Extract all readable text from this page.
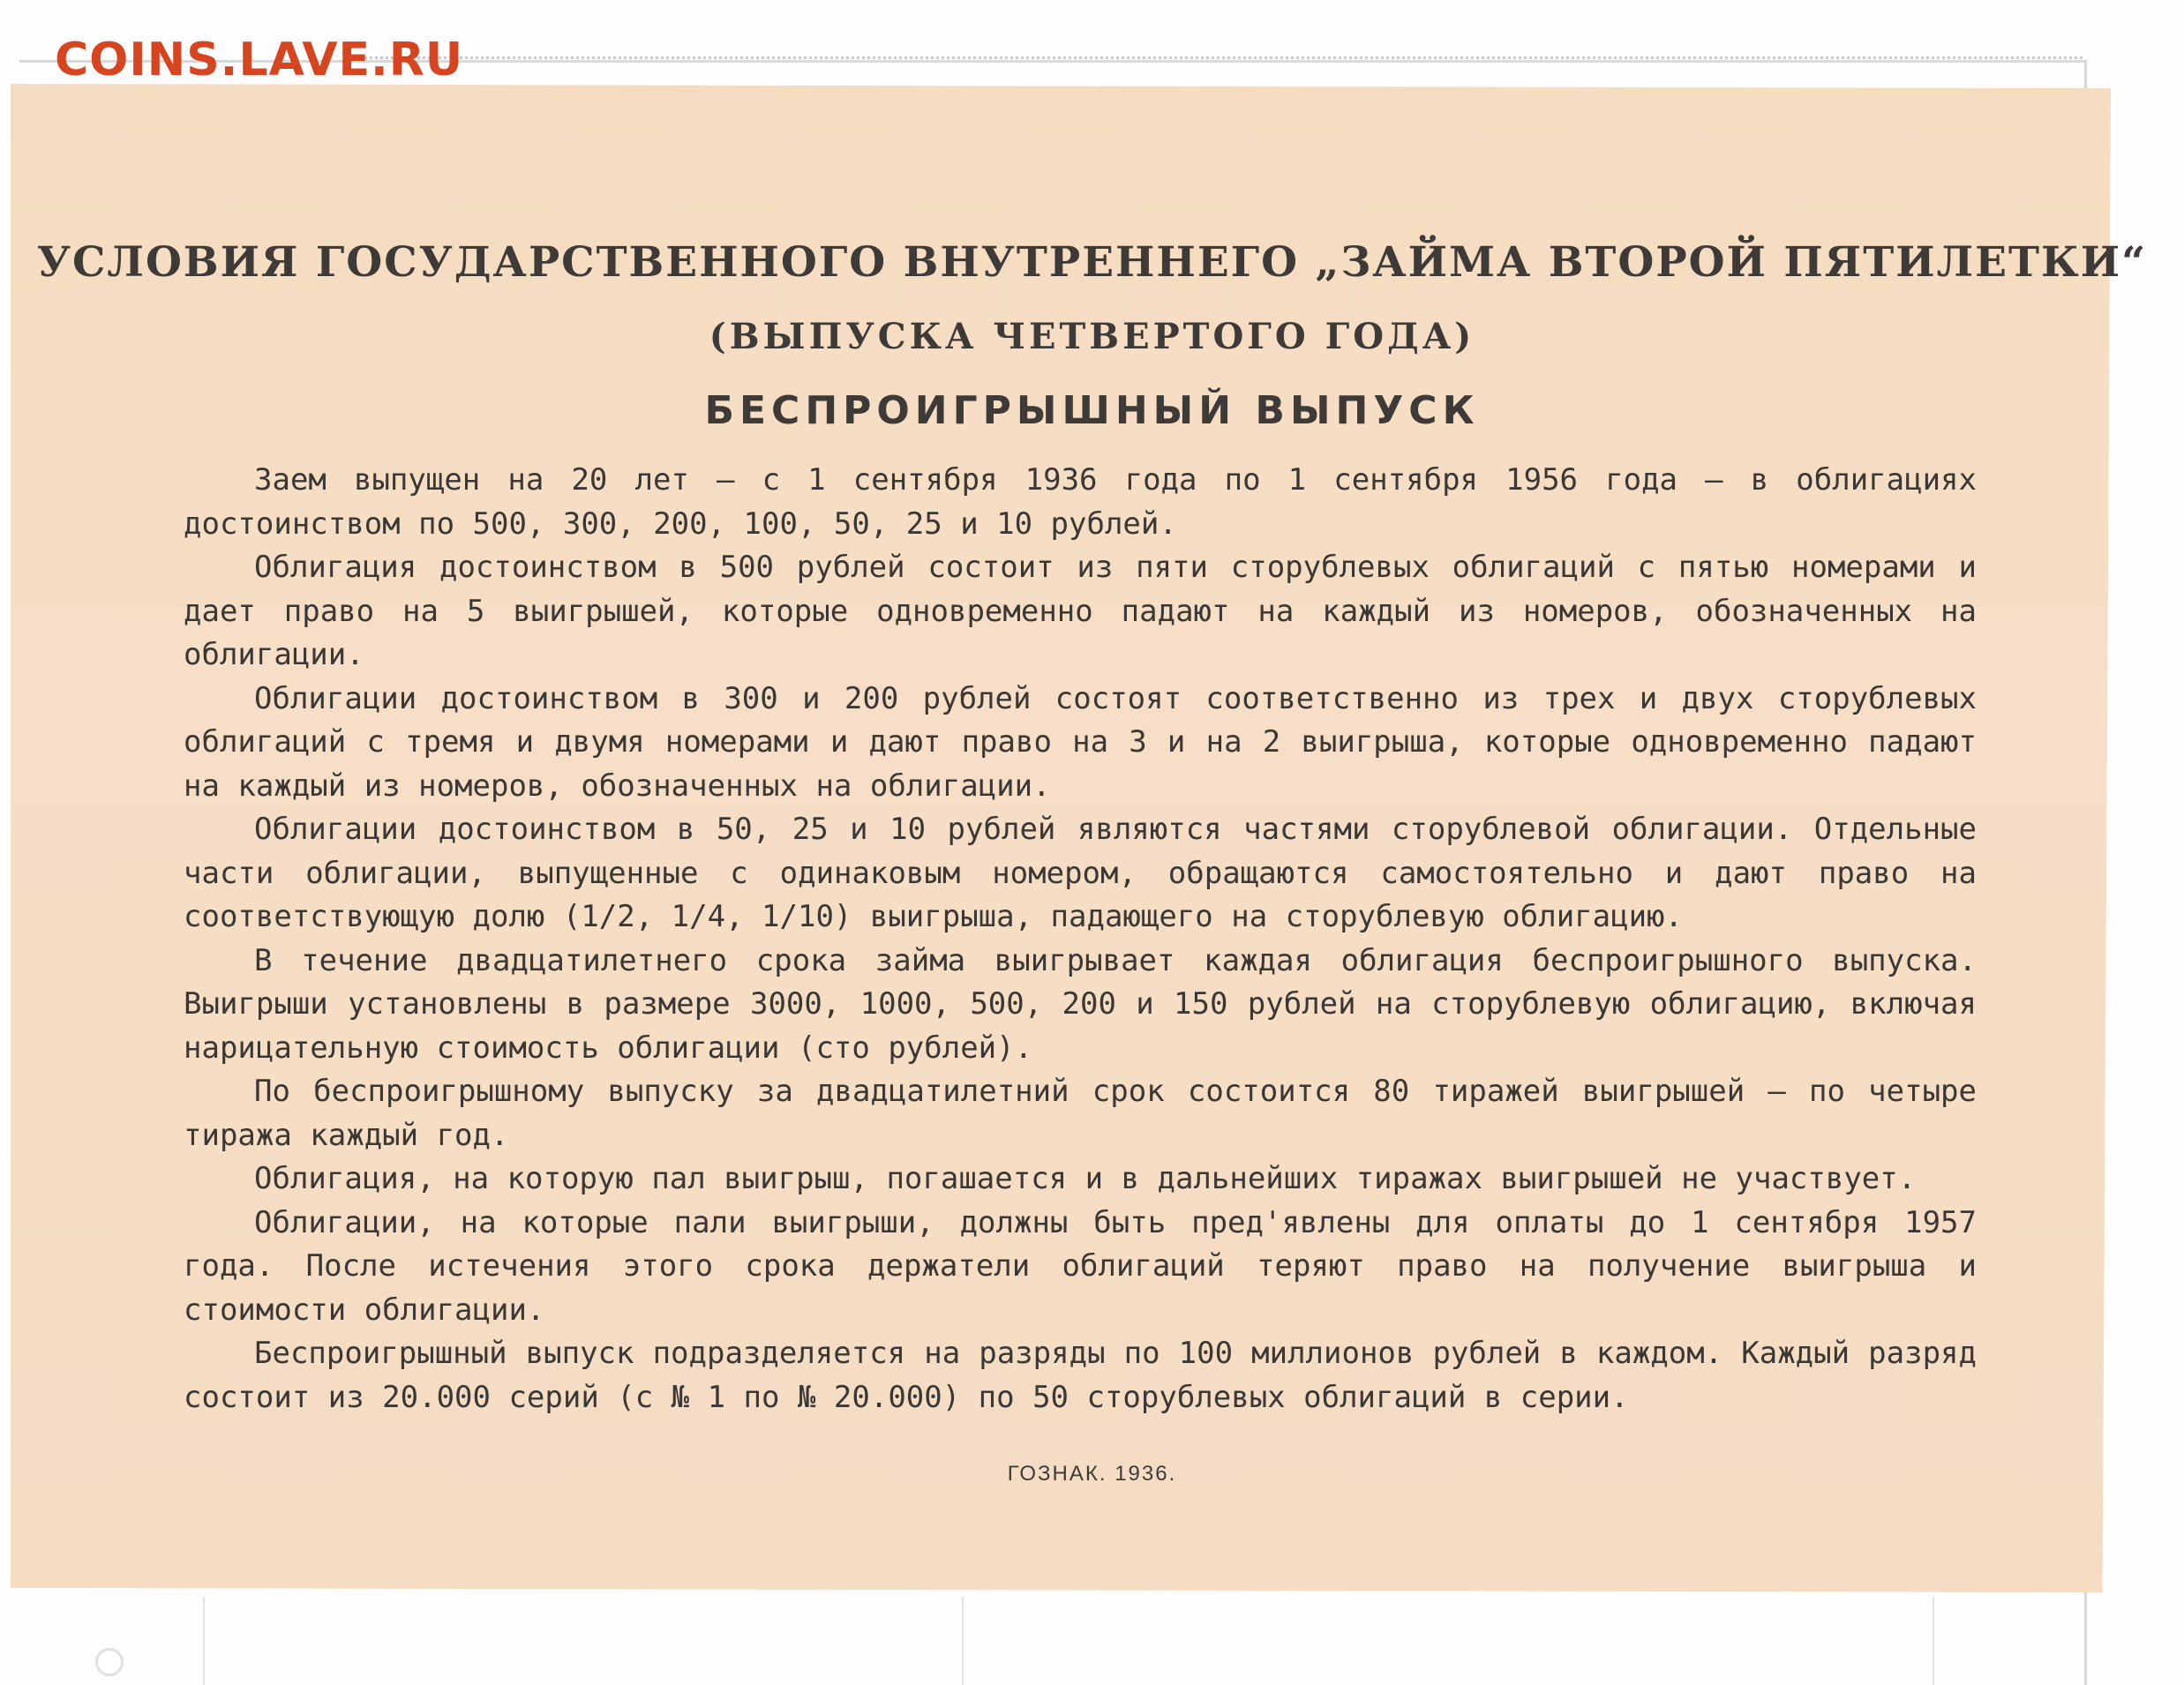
COINS.LAVE.RU
УСЛОВИЯ ГОСУДАРСТВЕННОГО ВНУТРЕННЕГО „ЗАЙМА ВТОРОЙ ПЯТИЛЕТКИ“
(ВЫПУСКА ЧЕТВЕРТОГО ГОДА)
БЕСПРОИГРЫШНЫЙ ВЫПУСК

Заем выпущен на 20 лет — с 1 сентября 1936 года по 1 сентября 1956 года — в облигациях достоинством по 500, 300, 200, 100, 50, 25 и 10 рублей.

Облигация достоинством в 500 рублей состоит из пяти сторублевых облигаций с пятью номерами и дает право на 5 выигрышей, которые одновременно падают на каждый из номеров, обозначенных на облигации.

Облигации достоинством в 300 и 200 рублей состоят соответственно из трех и двух сторублевых облигаций с тремя и двумя номерами и дают право на 3 и на 2 выигрыша, которые одновременно падают на каждый из номеров, обозначенных на облигации.

Облигации достоинством в 50, 25 и 10 рублей являются частями сторублевой облигации. Отдельные части облигации, выпущенные с одинаковым номером, обращаются самостоятельно и дают право на соответствующую долю (1/2, 1/4, 1/10) выигрыша, падающего на сторублевую облигацию.

В течение двадцатилетнего срока займа выигрывает каждая облигация беспроигрышного выпуска. Выигрыши установлены в размере 3000, 1000, 500, 200 и 150 рублей на сторублевую облигацию, включая нарицательную стоимость облигации (сто рублей).

По беспроигрышному выпуску за двадцатилетний срок состоится 80 тиражей выигрышей — по четыре тиража каждый год.

Облигация, на которую пал выигрыш, погашается и в дальнейших тиражах выигрышей не участвует.

Облигации, на которые пали выигрыши, должны быть пред'явлены для оплаты до 1 сентября 1957 года. После истечения этого срока держатели облигаций теряют право на получение выигрыша и стоимости облигации.

Беспроигрышный выпуск подразделяется на разряды по 100 миллионов рублей в каждом. Каждый разряд состоит из 20.000 серий (с № 1 по № 20.000) по 50 сторублевых облигаций в серии.

ГОЗНАК. 1936.
